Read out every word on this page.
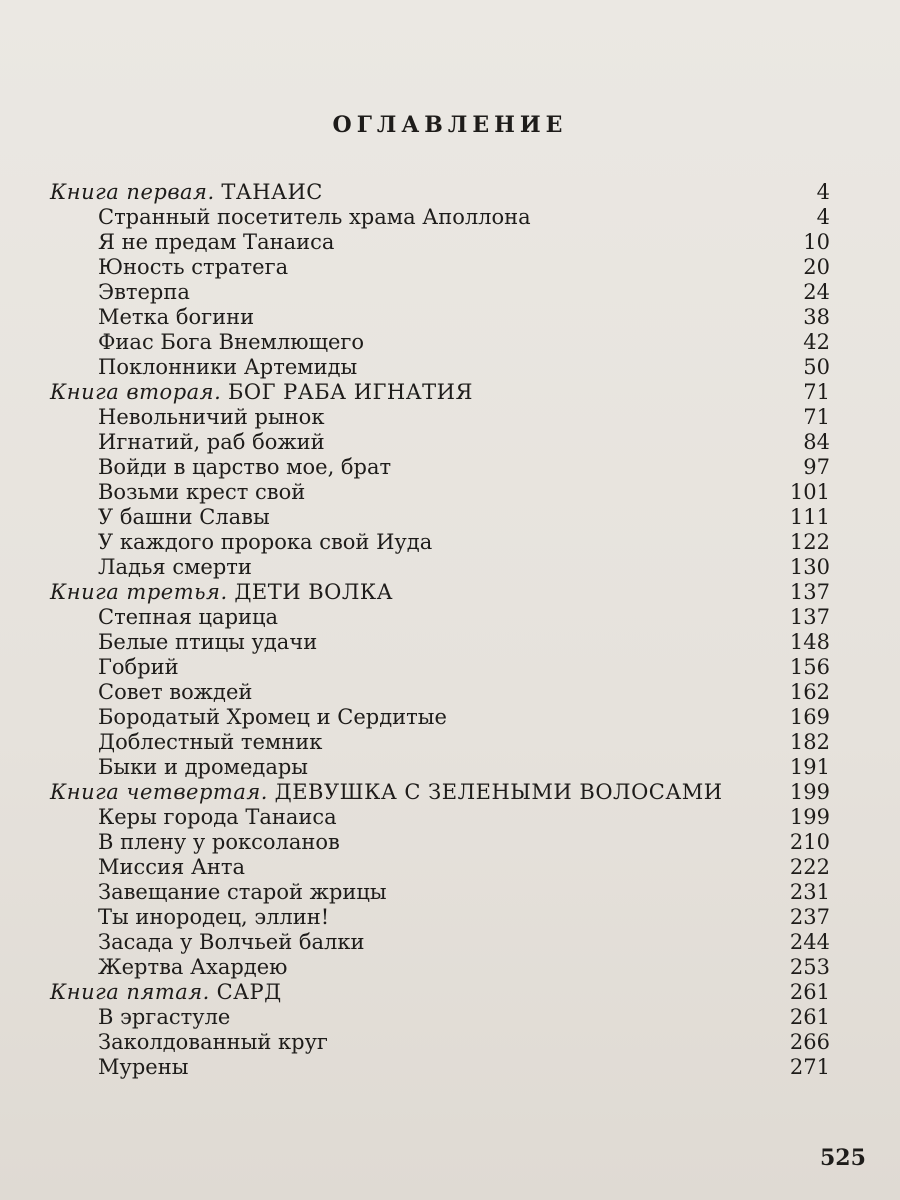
ОГЛАВЛЕНИЕ
Книга первая. ТАНАИС	4
Странный посетитель храма Аполлона	4
Я не предам Танаиса	10
Юность стратега	20
Эвтерпа	24
Метка богини	38
Фиас Бога Внемлющего	42
Поклонники Артемиды	50
Книга вторая. БОГ РАБА ИГНАТИЯ	71
Невольничий рынок	71
Игнатий, раб божий	84
Войди в царство мое, брат	97
Возьми крест свой	101
У башни Славы	111
У каждого пророка свой Иуда	122
Ладья смерти	130
Книга третья. ДЕТИ ВОЛКА	137
Степная царица	137
Белые птицы удачи	148
Гобрий	156
Совет вождей	162
Бородатый Хромец и Сердитые	169
Доблестный темник	182
Быки и дромедары	191
Книга четвертая. ДЕВУШКА С ЗЕЛЕНЫМИ ВОЛОСАМИ	199
Керы города Танаиса	199
В плену у роксоланов	210
Миссия Анта	222
Завещание старой жрицы	231
Ты инородец, эллин!	237
Засада у Волчьей балки	244
Жертва Ахардею	253
Книга пятая. САРД	261
В эргастуле	261
Заколдованный круг	266
Мурены	271
525
